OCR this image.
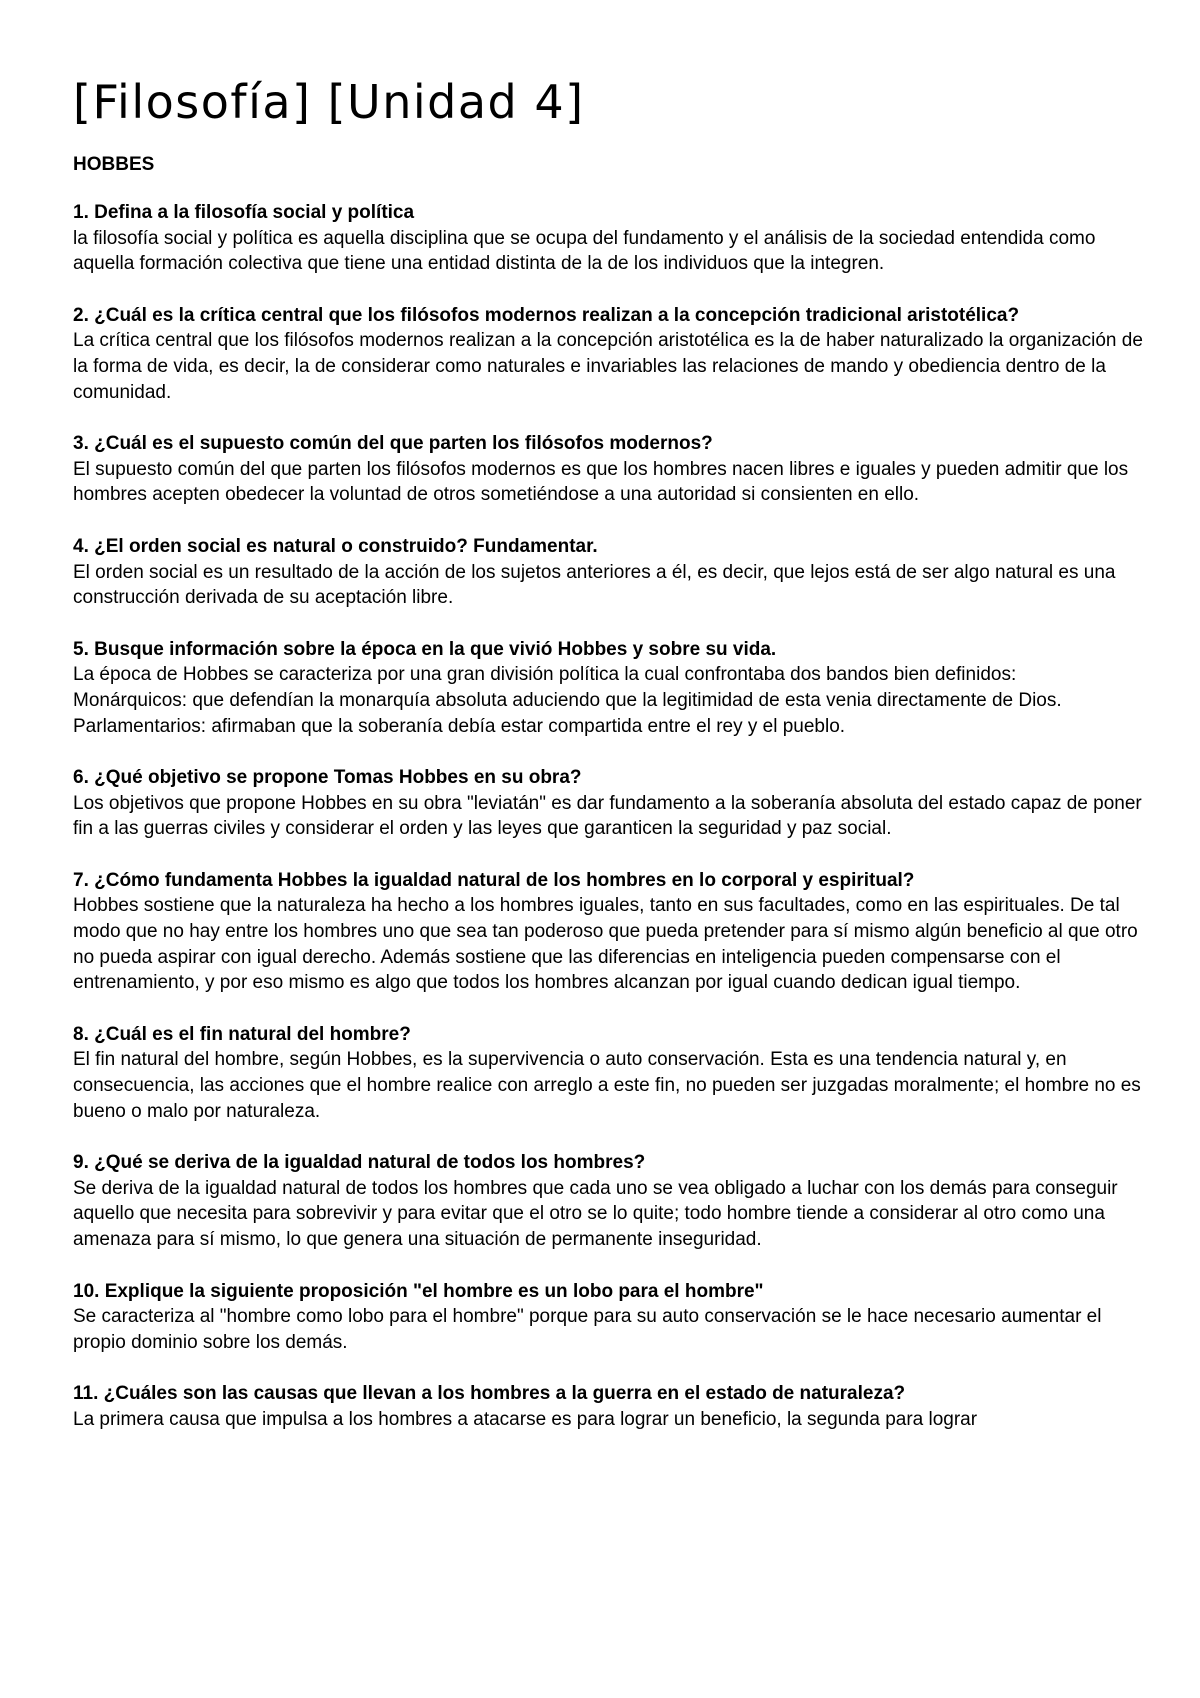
[Filosofía] [Unidad 4]
HOBBES

1. Defina a la filosofía social y política

la filosofía social y política es aquella disciplina que se ocupa del fundamento y el análisis de la sociedad entendida como aquella formación colectiva que tiene una entidad distinta de la de los individuos que la integren.

2. ¿Cuál es la crítica central que los filósofos modernos realizan a la concepción tradicional aristotélica?

La crítica central que los filósofos modernos realizan a la concepción aristotélica es la de haber naturalizado la organización de la forma de vida, es decir, la de considerar como naturales e invariables las relaciones de mando y obediencia dentro de la comunidad.

3. ¿Cuál es el supuesto común del que parten los filósofos modernos?

El supuesto común del que parten los filósofos modernos es que los hombres nacen libres e iguales y pueden admitir que los hombres acepten obedecer la voluntad de otros sometiéndose a una autoridad si consienten en ello.

4. ¿El orden social es natural o construido? Fundamentar.

El orden social es un resultado de la acción de los sujetos anteriores a él, es decir, que lejos está de ser algo natural es una construcción derivada de su aceptación libre.

5. Busque información sobre la época en la que vivió Hobbes y sobre su vida.

La época de Hobbes se caracteriza por una gran división política la cual confrontaba dos bandos bien definidos:

Monárquicos: que defendían la monarquía absoluta aduciendo que la legitimidad de esta venia directamente de Dios.

Parlamentarios: afirmaban que la soberanía debía estar compartida entre el rey y el pueblo.

6. ¿Qué objetivo se propone Tomas Hobbes en su obra?

Los objetivos que propone Hobbes en su obra "leviatán" es dar fundamento a la soberanía absoluta del estado capaz de poner fin a las guerras civiles y considerar el orden y las leyes que garanticen la seguridad y paz social.

7. ¿Cómo fundamenta Hobbes la igualdad natural de los hombres en lo corporal y espiritual?

Hobbes sostiene que la naturaleza ha hecho a los hombres iguales, tanto en sus facultades, como en las espirituales. De tal modo que no hay entre los hombres uno que sea tan poderoso que pueda pretender para sí mismo algún beneficio al que otro no pueda aspirar con igual derecho. Además sostiene que las diferencias en inteligencia pueden compensarse con el entrenamiento, y por eso mismo es algo que todos los hombres alcanzan por igual cuando dedican igual tiempo.

8. ¿Cuál es el fin natural del hombre?

El fin natural del hombre, según Hobbes, es la supervivencia o auto conservación. Esta es una tendencia natural y, en consecuencia, las acciones que el hombre realice con arreglo a este fin, no pueden ser juzgadas moralmente; el hombre no es bueno o malo por naturaleza.

9. ¿Qué se deriva de la igualdad natural de todos los hombres?

Se deriva de la igualdad natural de todos los hombres que cada uno se vea obligado a luchar con los demás para conseguir aquello que necesita para sobrevivir y para evitar que el otro se lo quite; todo hombre tiende a considerar al otro como una amenaza para sí mismo, lo que genera una situación de permanente inseguridad.

10. Explique la siguiente proposición "el hombre es un lobo para el hombre"

Se caracteriza al "hombre como lobo para el hombre" porque para su auto conservación se le hace necesario aumentar el propio dominio sobre los demás.

11. ¿Cuáles son las causas que llevan a los hombres a la guerra en el estado de naturaleza?

La primera causa que impulsa a los hombres a atacarse es para lograr un beneficio, la segunda para lograr
